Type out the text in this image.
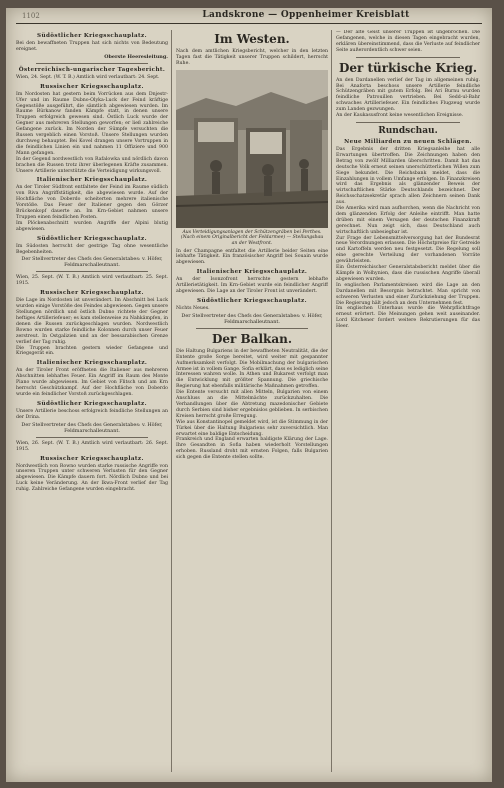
1102	Landskrone — Oppenheimer Kreisblatt
Südöstlicher Kriegsschauplatz.

Bei den bewaffneten Truppen hat sich nichts von Bedeutung ereignet.

Oberste Heeresleitung.
Österreichisch-ungarischer Tagesbericht.

Wien, 24. Sept. (W. T. B.) Amtlich wird verlautbart: 24. Sept.

Russischer Kriegsschauplatz.

Im Nordosten hat gestern beim Vorrücken aus dem Dnjestr-Ufer und im Raume Dubno-Olyka-Luck der Feind kräftige Gegenstöße ausgeführt, die sämtlich abgewiesen wurden. Im Raume Bürkanow fanden Kämpfe statt, in denen unsere Truppen erfolgreich gewesen sind. Östlich Luck wurde der Gegner aus mehreren Stellungen geworfen; er ließ zahlreiche Gefangene zurück. Im Norden der Sümpfe versuchten die Russen vergeblich einen Vorstoß. Unsere Stellungen wurden durchweg behauptet. Bei Kovel drangen unsere Vortruppen in die feindlichen Linien ein und nahmen 11 Offiziere und 900 Mann gefangen.

In der Gegend nordwestlich von Rafalowka und nördlich davon brachen die Russen trotz ihrer überlegenen Kräfte zusammen. Unsere Artillerie unterstützte die Verteidigung wirkungsvoll.

Italienischer Kriegsschauplatz.

An der Tiroler Südfront entfaltete der Feind im Raume südlich von Riva Angriffstätigkeit, die abgewiesen wurde. Auf der Hochfläche von Doberdo scheiterten mehrere italienische Vorstöße. Das Feuer der Italiener gegen den Görzer Brückenkopf dauerte an. Im Krn-Gebiet nahmen unsere Truppen einen feindlichen Posten.

Im Plöckenabschnitt wurden Angriffe der Alpini blutig abgewiesen.

Südöstlicher Kriegsschauplatz.

Im Südosten herrscht der gestrige Tag ohne wesentliche Begebenheiten.

Der Stellvertreter des Chefs des Generalstabes: v. Höfer, Feldmarschalleutnant.

Wien, 25. Sept. (W. T. B.) Amtlich wird verlautbart: 25. Sept. 1915.

Russischer Kriegsschauplatz.

Die Lage im Nordosten ist unverändert. Im Abschnitt bei Luck wurden einige Vorstöße des Feindes abgewiesen. Gegen unsere Stellungen nördlich und östlich Dubno richtete der Gegner heftiges Artilleriefeuer; es kam stellenweise zu Nahkämpfen, in denen die Russen zurückgeschlagen wurden. Nordwestlich Rowno wurden starke feindliche Kolonnen durch unser Feuer zerstreut. In Ostgalizien und an der bessarabischen Grenze verlief der Tag ruhig.

Die Truppen brachten gestern wieder Gefangene und Kriegsgerät ein.

Italienischer Kriegsschauplatz.

An der Tiroler Front eröffneten die Italiener aus mehreren Abschnitten lebhaftes Feuer. Ein Angriff im Raum des Monte Piano wurde abgewiesen. Im Gebiet von Flitsch und am Krn herrscht Geschützkampf. Auf der Hochfläche von Doberdo wurde ein feindlicher Vorstoß zurückgeschlagen.

Südöstlicher Kriegsschauplatz.

Unsere Artillerie beschoss erfolgreich feindliche Stellungen an der Drina.

Der Stellvertreter des Chefs des Generalstabes: v. Höfer, Feldmarschalleutnant.

Wien, 26. Sept. (W. T. B.) Amtlich wird verlautbart: 26. Sept. 1915.

Russischer Kriegsschauplatz.

Nordwestlich von Rowno wurden starke russische Angriffe von unseren Truppen unter schweren Verlusten für den Gegner abgewiesen. Die Kämpfe dauern fort. Nördlich Dubno und bei Luck keine Veränderung. An der Ikwa-Front verlief der Tag ruhig. Zahlreiche Gefangene wurden eingebracht.

Im Westen.

Nach dem amtlichen Kriegsbericht, welcher in den letzten Tagen fast die Tätigkeit unserer Truppen schildert, herrscht Ruhe.

Aus Verteidigungsanlagen der Schützengräben bei Perthes. (Nach einem Originalbericht der Feldarmee) — Stellungsbau an der Westfront.

In der Champagne entfaltet die Artillerie beider Seiten eine lebhafte Tätigkeit. Ein französischer Angriff bei Souain wurde abgewiesen.

Italienischer Kriegsschauplatz.

An der Isonzofront herrschte gestern lebhafte Artillerietätigkeit. Im Krn-Gebiet wurde ein feindlicher Angriff abgewiesen. Die Lage an der Tiroler Front ist unverändert.

Südöstlicher Kriegsschauplatz.

Nichts Neues.

Der Stellvertreter des Chefs des Generalstabes: v. Höfer, Feldmarschalleutnant.
Der Balkan.

Die Haltung Bulgariens in der bewaffneten Neutralität, die der Entente große Sorge bereitet, wird weiter mit gespannter Aufmerksamkeit verfolgt. Die Mobilmachung der bulgarischen Armee ist in vollem Gange. Sofia erklärt, dass es lediglich seine Interessen wahren wolle. In Athen und Bukarest verfolgt man die Entwicklung mit größter Spannung. Die griechische Regierung hat ebenfalls militärische Maßnahmen getroffen.

Die Entente versucht mit allen Mitteln, Bulgarien von einem Anschluss an die Mittelmächte zurückzuhalten. Die Verhandlungen über die Abtretung mazedonischer Gebiete durch Serbien sind bisher ergebnislos geblieben. In serbischen Kreisen herrscht große Erregung.

Wie aus Konstantinopel gemeldet wird, ist die Stimmung in der Türkei über die Haltung Bulgariens sehr zuversichtlich. Man erwartet eine baldige Entscheidung.

Frankreich und England erwarten baldigste Klärung der Lage. Ihre Gesandten in Sofia haben wiederholt Vorstellungen erhoben. Russland droht mit ernsten Folgen, falls Bulgarien sich gegen die Entente stellen sollte.

— Der alte Geist unserer Truppen ist ungebrochen. Die Gefangenen, welche in diesen Tagen eingebracht wurden, erklären übereinstimmend, dass die Verluste auf feindlicher Seite außerordentlich schwer seien.

Der türkische Krieg.

An den Dardanellen verlief der Tag im allgemeinen ruhig. Bei Anaforta beschoss unsere Artillerie feindliche Schützengräben mit gutem Erfolg. Bei Ari Burnu wurden feindliche Patrouillen vertrieben. Bei Sedd-ul-Bahr schwaches Artilleriefeuer. Ein feindliches Flugzeug wurde zum Landen gezwungen.

An der Kaukasusfront keine wesentlichen Ereignisse.

Rundschau.
Neue Milliarden zu neuen Schlägen.

Das Ergebnis der dritten Kriegsanleihe hat alle Erwartungen übertroffen. Die Zeichnungen haben den Betrag von zwölf Milliarden überschritten. Damit hat das deutsche Volk erneut seinen unerschütterlichen Willen zum Siege bekundet. Die Reichsbank meldet, dass die Einzahlungen in vollem Umfange erfolgen. In Finanzkreisen wird das Ergebnis als glänzender Beweis der wirtschaftlichen Stärke Deutschlands bezeichnet. Der Reichsschatzsekretär sprach allen Zeichnern seinen Dank aus.

Die Amerika wird man aufhorchen, wenn die Nachricht von dem glänzenden Erfolg der Anleihe eintrifft. Man hatte drüben mit einem Versagen der deutschen Finanzkraft gerechnet. Nun zeigt sich, dass Deutschland auch wirtschaftlich unbesiegbar ist.

Zur Frage der Lebensmittelversorgung hat der Bundesrat neue Verordnungen erlassen. Die Höchstpreise für Getreide und Kartoffeln werden neu festgesetzt. Die Regelung soll eine gerechte Verteilung der vorhandenen Vorräte gewährleisten.

Ein Österreichischer Generalstabsbericht meldet über die Kämpfe in Wolhynien, dass die russischen Angriffe überall abgewiesen wurden.

In englischen Parlamentskreisen wird die Lage an den Dardanellen mit Besorgnis betrachtet. Man spricht von schweren Verlusten und einer Zurückziehung der Truppen. Die Regierung hält jedoch an dem Unternehmen fest.

Im englischen Unterhaus wurde die Wehrpflichtfrage erneut erörtert. Die Meinungen gehen weit auseinander. Lord Kitchener fordert weitere Rekrutierungen für das Heer.
